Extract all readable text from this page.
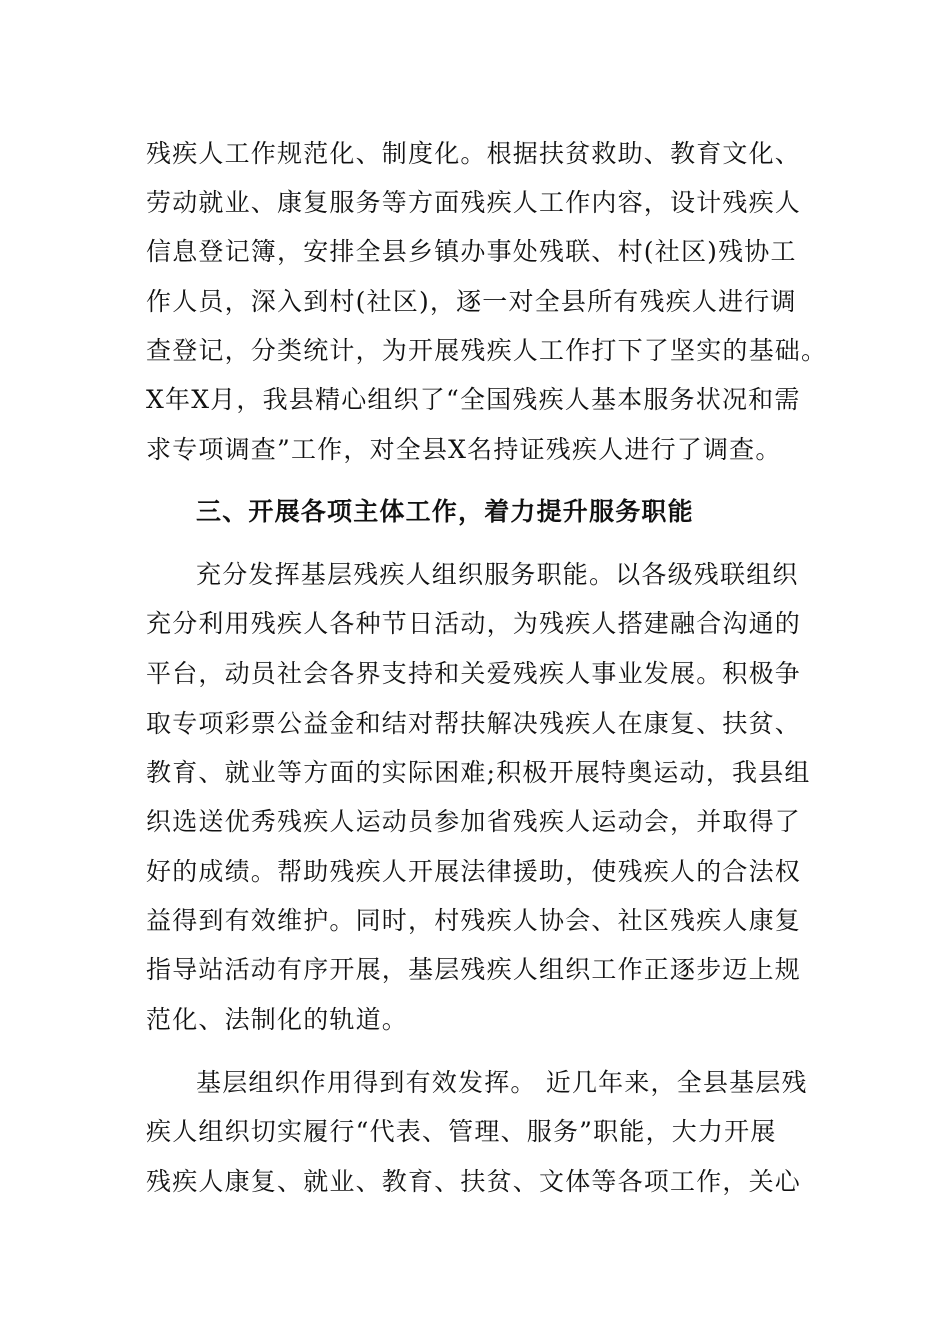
残疾人工作规范化、制度化。根据扶贫救助、教育文化、
劳动就业、康复服务等方面残疾人工作内容，设计残疾人
信息登记簿，安排全县乡镇办事处残联、村(社区)残协工
作人员，深入到村(社区)，逐一对全县所有残疾人进行调
查登记，分类统计，为开展残疾人工作打下了坚实的基础。
X年X月，我县精心组织了“全国残疾人基本服务状况和需
求专项调查”工作，对全县X名持证残疾人进行了调查。
三、开展各项主体工作，着力提升服务职能
充分发挥基层残疾人组织服务职能。以各级残联组织
充分利用残疾人各种节日活动，为残疾人搭建融合沟通的
平台，动员社会各界支持和关爱残疾人事业发展。积极争
取专项彩票公益金和结对帮扶解决残疾人在康复、扶贫、
教育、就业等方面的实际困难;积极开展特奥运动，我县组
织选送优秀残疾人运动员参加省残疾人运动会，并取得了
好的成绩。帮助残疾人开展法律援助，使残疾人的合法权
益得到有效维护。同时，村残疾人协会、社区残疾人康复
指导站活动有序开展，基层残疾人组织工作正逐步迈上规
范化、法制化的轨道。
基层组织作用得到有效发挥。 近几年来，全县基层残
疾人组织切实履行“代表、管理、服务”职能，大力开展
残疾人康复、就业、教育、扶贫、文体等各项工作，关心
